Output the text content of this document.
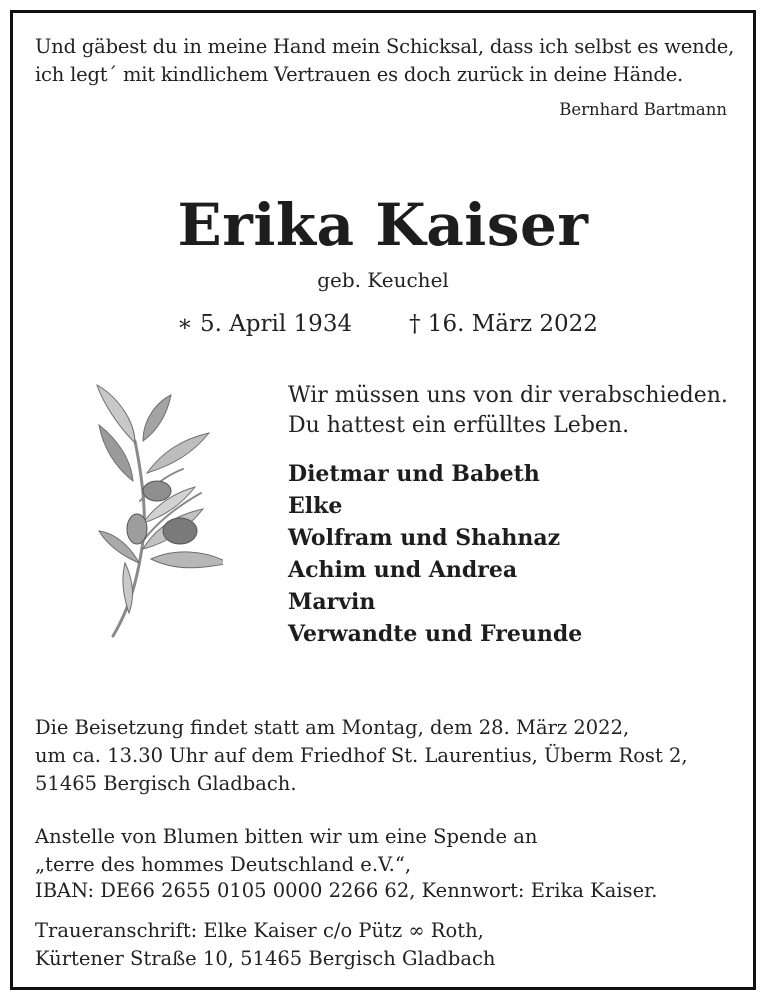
Und gäbest du in meine Hand mein Schicksal, dass ich selbst es wende,
ich legt´ mit kindlichem Vertrauen es doch zurück in deine Hände.
Bernhard Bartmann
Erika Kaiser
geb. Keuchel
∗ 5. April 1934 † 16. März 2022
Wir müssen uns von dir verabschieden.
Du hattest ein erfülltes Leben.
Dietmar und Babeth
Elke
Wolfram und Shahnaz
Achim und Andrea
Marvin
Verwandte und Freunde
Die Beisetzung findet statt am Montag, dem 28. März 2022,
um ca. 13.30 Uhr auf dem Friedhof St. Laurentius, Überm Rost 2,
51465 Bergisch Gladbach.
Anstelle von Blumen bitten wir um eine Spende an
„terre des hommes Deutschland e.V.“,
IBAN: DE66 2655 0105 0000 2266 62, Kennwort: Erika Kaiser.
Traueranschrift: Elke Kaiser c/o Pütz ∞ Roth,
Kürtener Straße 10, 51465 Bergisch Gladbach
